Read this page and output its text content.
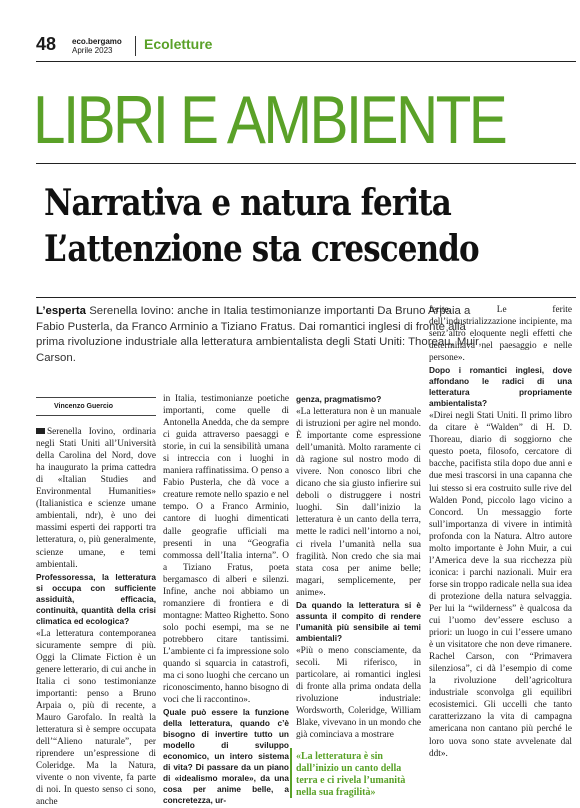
48 eco.bergamo
Aprile 2023	Ecoletture
LIBRI E AMBIENTE
Narrativa e natura ferita
L’attenzione sta crescendo
L’esperta Serenella Iovino: anche in Italia testimonianze importanti Da Bruno Arpaia a Fabio Pusterla, da Franco Arminio a Tiziano Fratus. Dai romantici inglesi di fronte alla prima rivoluzione industriale alla letteratura ambientalista degli Stati Uniti: Thoreau, Muir, Carson.
Vincenzo Guercio

Serenella Iovino, ordinaria negli Stati Uniti all’Università della Carolina del Nord, dove ha inaugurato la prima cattedra di «Italian Studies and Environmental Humanities» (Italianistica e scienze umane ambientali, ndr), è uno dei massimi esperti dei rapporti tra letteratura, o, più generalmente, scienze umane, e temi ambientali.

Professoressa, la letteratura si occupa con sufficiente assiduità, efficacia, continuità, quantità della crisi climatica ed ecologica?

«La letteratura contemporanea sicuramente sempre di più. Oggi la Climate Fiction è un genere letterario, di cui anche in Italia ci sono testimonianze importanti: penso a Bruno Arpaia o, più di recente, a Mauro Garofalo. In realtà la letteratura sì è sempre occupata dell’“Alieno naturale”, per riprendere un’espressione di Coleridge. Ma la Natura, vivente o non vivente, fa parte di noi. In questo senso ci sono, anche

in Italia, testimonianze poetiche importanti, come quelle di Antonella Anedda, che da sempre ci guida attraverso paesaggi e storie, in cui la sensibilità umana si intreccia con i luoghi in maniera raffinatissima. O penso a Fabio Pusterla, che dà voce a creature remote nello spazio e nel tempo. O a Franco Arminio, cantore di luoghi dimenticati dalle geografie ufficiali ma presenti in una “Geografia commossa dell’Italia interna”. O a Tiziano Fratus, poeta bergamasco di alberi e silenzi. Infine, anche noi abbiamo un romanziere di frontiera e di montagne: Matteo Righetto. Sono solo pochi esempi, ma se ne potrebbero citare tantissimi. L’ambiente ci fa impressione solo quando si squarcia in catastrofi, ma ci sono luoghi che cercano un riconoscimento, hanno bisogno di voci che li raccontino».

Quale può essere la funzione della letteratura, quando c’è bisogno di invertire tutto un modello di sviluppo economico, un intero sistema di vita? Di passare da un piano di «idealismo morale», da una cosa per anime belle, a concretezza, ur-
genza, pragmatismo?

«La letteratura non è un manuale di istruzioni per agire nel mondo. È importante come espressione dell’umanità. Molto raramente ci dà ragione sul nostro modo di vivere. Non conosco libri che dicano che sia giusto infierire sui deboli o distruggere i nostri luoghi. Sin dall’inizio la letteratura è un canto della terra, mette le radici nell’intorno a noi, ci rivela l’umanità nella sua fragilità. Non credo che sia mai stata cosa per anime belle; magari, semplicemente, per anime».

Da quando la letteratura si è assunta il compito di rendere l’umanità più sensibile ai temi ambientali?

«Più o meno consciamente, da secoli. Mi riferisco, in particolare, ai romantici inglesi di fronte alla prima ondata della rivoluzione industriale: Wordsworth, Coleridge, William Blake, vivevano in un mondo che già cominciava a mostrare

«La letteratura è sin dall’inizio un canto della terra e ci rivela l’umanità nella sua fragilità»

ferite. Le ferite dell’industrializzazione incipiente, ma senz’altro eloquente negli effetti che determinava nel paesaggio e nelle persone».

Dopo i romantici inglesi, dove affondano le radici di una letteratura propriamente ambientalista?

«Direi negli Stati Uniti. Il primo libro da citare è “Walden” di H. D. Thoreau, diario di soggiorno che questo poeta, filosofo, cercatore di bacche, pacifista stila dopo due anni e due mesi trascorsi in una capanna che lui stesso si era costruito sulle rive del Walden Pond, piccolo lago vicino a Concord. Un messaggio forte sull’importanza di vivere in intimità profonda con la Natura. Altro autore molto importante è John Muir, a cui l’America deve la sua ricchezza più iconica: i parchi nazionali. Muir era forse sin troppo radicale nella sua idea di protezione della natura selvaggia. Per lui la “wilderness” è qualcosa da cui l’uomo dev’essere escluso a priori: un luogo in cui l’essere umano è un visitatore che non deve rimanere. Rachel Carson, con “Primavera silenziosa”, ci dà l’esempio di come la rivoluzione dell’agricoltura industriale sconvolga gli equilibri ecosistemici. Gli uccelli che tanto caratterizzano la vita di campagna americana non cantano più perché le loro uova sono state avvelenate dal ddt».
